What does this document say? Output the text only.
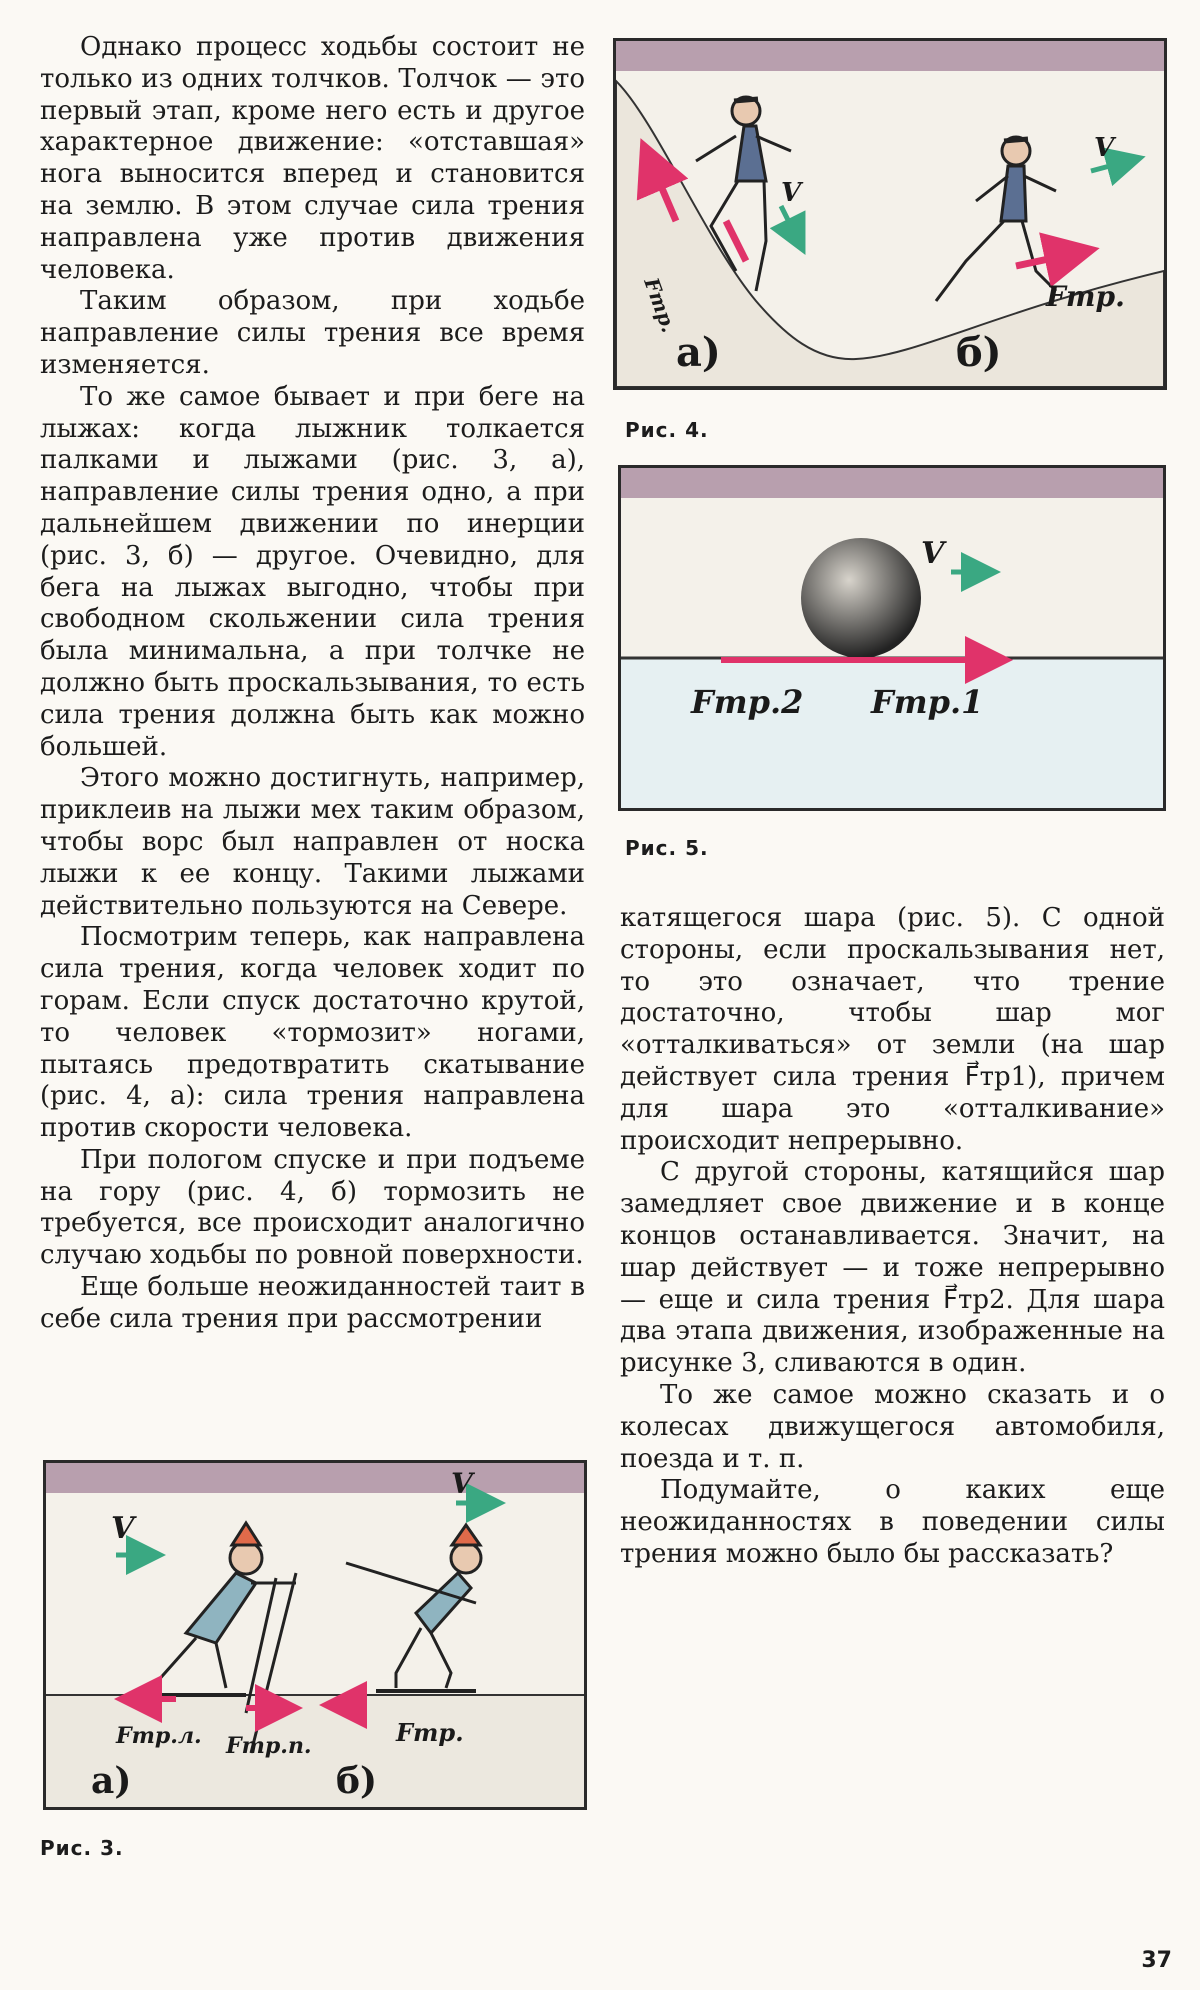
Однако процесс ходьбы состоит не только из одних толчков. Толчок — это первый этап, кроме него есть и другое характерное движение: «отставшая» нога выносится вперед и становится на землю. В этом случае сила трения направлена уже против движения человека.

Таким образом, при ходьбе направление силы трения все время изменяется.

То же самое бывает и при беге на лыжах: когда лыжник толкается палками и лыжами (рис. 3, а), направление силы трения одно, а при дальнейшем движении по инерции (рис. 3, б) — другое. Очевидно, для бега на лыжах выгодно, чтобы при свободном скольжении сила трения была минимальна, а при толчке не должно быть проскальзывания, то есть сила трения должна быть как можно большей.

Этого можно достигнуть, например, приклеив на лыжи мех таким образом, чтобы ворс был направлен от носка лыжи к ее концу. Такими лыжами действительно пользуются на Севере.

Посмотрим теперь, как направлена сила трения, когда человек ходит по горам. Если спуск достаточно крутой, то человек «тормозит» ногами, пытаясь предотвратить скатывание (рис. 4, а): сила трения направлена против скорости человека.

При пологом спуске и при подъеме на гору (рис. 4, б) тормозить не требуется, все происходит аналогично случаю ходьбы по ровной поверхности.

Еще больше неожиданностей таит в себе сила трения при рассмотрении

Fтр.
V
V
Fтр.
а)	б)
Рис. 4.
V
Fтр.2 Fтр.1
Рис. 5.

катящегося шара (рис. 5). С одной стороны, если проскальзывания нет, то это означает, что трение достаточно, чтобы шар мог «отталкиваться» от земли (на шар действует сила трения F⃗тр1), причем для шара это «отталкивание» происходит непрерывно.

С другой стороны, катящийся шар замедляет свое движение и в конце концов останавливается. Значит, на шар действует — и тоже непрерывно — еще и сила трения F⃗тр2. Для шара два этапа движения, изображенные на рисунке 3, сливаются в один.

То же самое можно сказать и о колесах движущегося автомобиля, поезда и т. п.

Подумайте, о каких еще неожиданностях в поведении силы трения можно было бы рассказать?

V
V
Fтр.л. Fтр.п.	Fтр.
а)	б)
Рис. 3.
37
